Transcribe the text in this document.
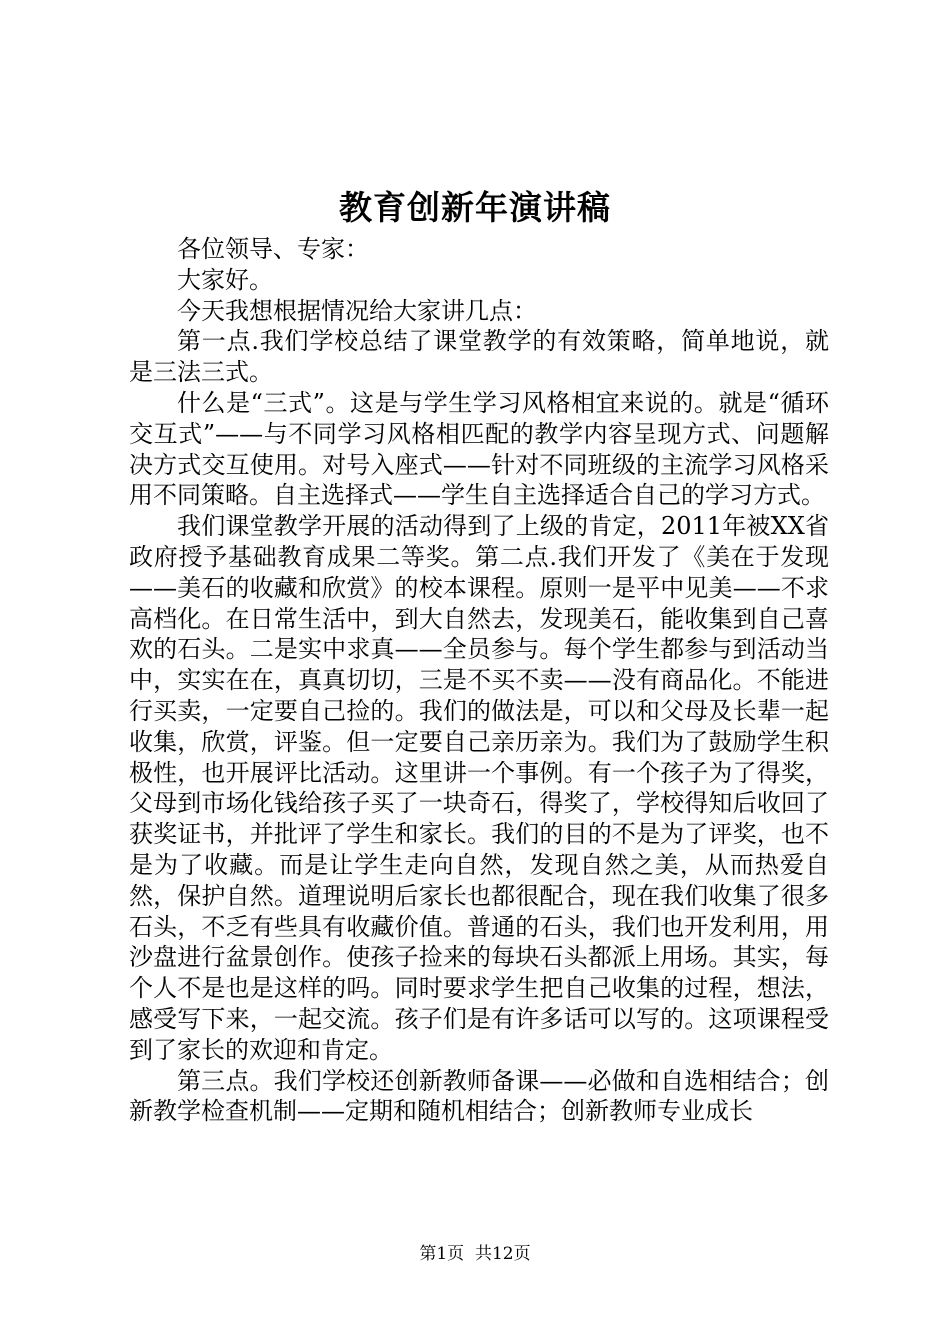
教育创新年演讲稿

各位领导、专家：

大家好。

今天我想根据情况给大家讲几点：

第一点.我们学校总结了课堂教学的有效策略，简单地说，就是三法三式。

什么是“三式”。这是与学生学习风格相宜来说的。就是“循环交互式”——与不同学习风格相匹配的教学内容呈现方式、问题解决方式交互使用。对号入座式——针对不同班级的主流学习风格采用不同策略。自主选择式——学生自主选择适合自己的学习方式。

我们课堂教学开展的活动得到了上级的肯定，2011年被XX省政府授予基础教育成果二等奖。第二点.我们开发了《美在于发现——美石的收藏和欣赏》的校本课程。原则一是平中见美——不求高档化。在日常生活中，到大自然去，发现美石，能收集到自己喜欢的石头。二是实中求真——全员参与。每个学生都参与到活动当中，实实在在，真真切切，三是不买不卖——没有商品化。不能进行买卖，一定要自己捡的。我们的做法是，可以和父母及长辈一起收集，欣赏，评鉴。但一定要自己亲历亲为。我们为了鼓励学生积极性，也开展评比活动。这里讲一个事例。有一个孩子为了得奖，父母到市场化钱给孩子买了一块奇石，得奖了，学校得知后收回了获奖证书，并批评了学生和家长。我们的目的不是为了评奖，也不是为了收藏。而是让学生走向自然，发现自然之美，从而热爱自然，保护自然。道理说明后家长也都很配合，现在我们收集了很多石头，不乏有些具有收藏价值。普通的石头，我们也开发利用，用沙盘进行盆景创作。使孩子捡来的每块石头都派上用场。其实，每个人不是也是这样的吗。同时要求学生把自己收集的过程，想法，感受写下来，一起交流。孩子们是有许多话可以写的。这项课程受到了家长的欢迎和肯定。

第三点。我们学校还创新教师备课——必做和自选相结合；创新教学检查机制——定期和随机相结合；创新教师专业成长

第1页  共12页
